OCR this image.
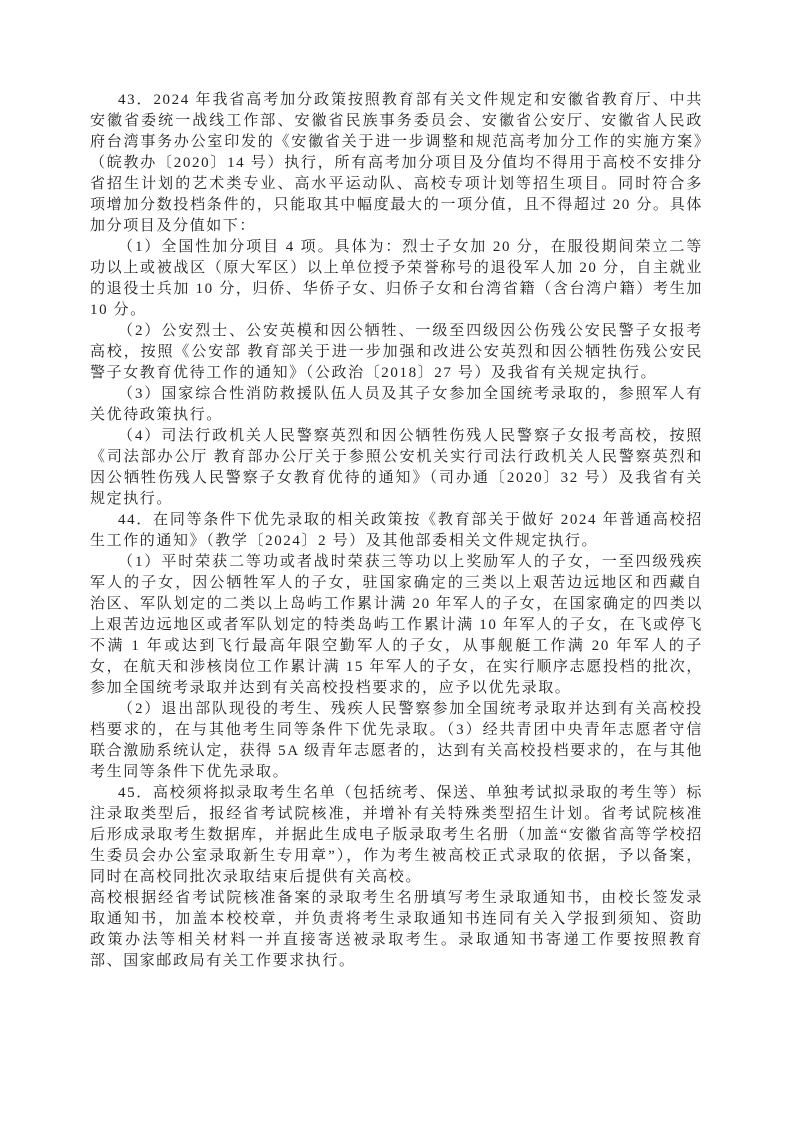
43．2024 年我省高考加分政策按照教育部有关文件规定和安徽省教育厅、中共安徽省委统一战线工作部、安徽省民族事务委员会、安徽省公安厅、安徽省人民政府台湾事务办公室印发的《安徽省关于进一步调整和规范高考加分工作的实施方案》（皖教办〔2020〕14 号）执行，所有高考加分项目及分值均不得用于高校不安排分省招生计划的艺术类专业、高水平运动队、高校专项计划等招生项目。同时符合多项增加分数投档条件的，只能取其中幅度最大的一项分值，且不得超过 20 分。具体加分项目及分值如下：

（1）全国性加分项目 4 项。具体为：烈士子女加 20 分，在服役期间荣立二等功以上或被战区（原大军区）以上单位授予荣誉称号的退役军人加 20 分，自主就业的退役士兵加 10 分，归侨、华侨子女、归侨子女和台湾省籍（含台湾户籍）考生加 10 分。

（2）公安烈士、公安英模和因公牺牲、一级至四级因公伤残公安民警子女报考高校，按照《公安部 教育部关于进一步加强和改进公安英烈和因公牺牲伤残公安民警子女教育优待工作的通知》（公政治〔2018〕27 号）及我省有关规定执行。

（3）国家综合性消防救援队伍人员及其子女参加全国统考录取的，参照军人有关优待政策执行。

（4）司法行政机关人民警察英烈和因公牺牲伤残人民警察子女报考高校，按照《司法部办公厅 教育部办公厅关于参照公安机关实行司法行政机关人民警察英烈和因公牺牲伤残人民警察子女教育优待的通知》（司办通〔2020〕32 号）及我省有关规定执行。

44．在同等条件下优先录取的相关政策按《教育部关于做好 2024 年普通高校招生工作的通知》（教学〔2024〕2 号）及其他部委相关文件规定执行。

（1）平时荣获二等功或者战时荣获三等功以上奖励军人的子女，一至四级残疾军人的子女，因公牺牲军人的子女，驻国家确定的三类以上艰苦边远地区和西藏自治区、军队划定的二类以上岛屿工作累计满 20 年军人的子女，在国家确定的四类以上艰苦边远地区或者军队划定的特类岛屿工作累计满 10 年军人的子女，在飞或停飞不满 1 年或达到飞行最高年限空勤军人的子女，从事舰艇工作满 20 年军人的子女，在航天和涉核岗位工作累计满 15 年军人的子女，在实行顺序志愿投档的批次，参加全国统考录取并达到有关高校投档要求的，应予以优先录取。

（2）退出部队现役的考生、残疾人民警察参加全国统考录取并达到有关高校投档要求的，在与其他考生同等条件下优先录取。（3）经共青团中央青年志愿者守信联合激励系统认定，获得 5A 级青年志愿者的，达到有关高校投档要求的，在与其他考生同等条件下优先录取。

45．高校须将拟录取考生名单（包括统考、保送、单独考试拟录取的考生等）标注录取类型后，报经省考试院核准，并增补有关特殊类型招生计划。省考试院核准后形成录取考生数据库，并据此生成电子版录取考生名册（加盖“安徽省高等学校招生委员会办公室录取新生专用章”），作为考生被高校正式录取的依据，予以备案，同时在高校同批次录取结束后提供有关高校。

高校根据经省考试院核准备案的录取考生名册填写考生录取通知书，由校长签发录取通知书，加盖本校校章，并负责将考生录取通知书连同有关入学报到须知、资助政策办法等相关材料一并直接寄送被录取考生。录取通知书寄递工作要按照教育部、国家邮政局有关工作要求执行。
